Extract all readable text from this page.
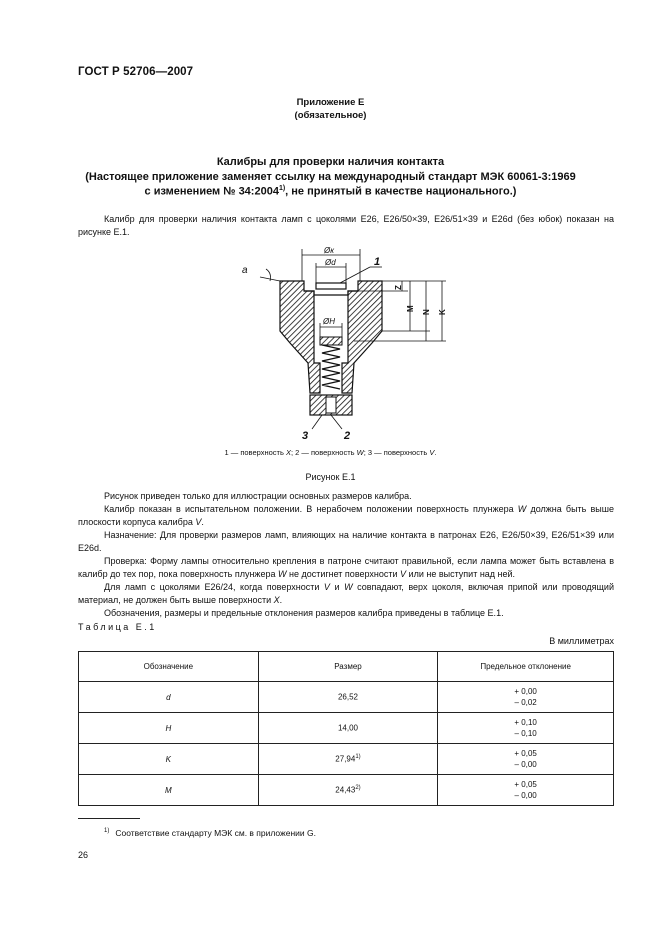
ГОСТ Р 52706—2007
Приложение Е
(обязательное)
Калибры для проверки наличия контакта
(Настоящее приложение заменяет ссылку на международный стандарт МЭК 60061-3:1969
с изменением № 34:2004$^{1)}$, не принятый в качестве национального.)
Калибр для проверки наличия контакта ламп с цоколями E26, E26/50×39, E26/51×39 и E26d (без юбок) показан на рисунке Е.1.
Øк
Ød
ØH
a
Z
M
N K
1
2
3
1 — поверхность X; 2 — поверхность W; 3 — поверхность V.
Рисунок Е.1
Рисунок приведен только для иллюстрации основных размеров калибра.
Калибр показан в испытательном положении. В нерабочем положении поверхность плунжера W должна быть выше плоскости корпуса калибра V.
Назначение: Для проверки размеров ламп, влияющих на наличие контакта в патронах E26, E26/50×39, E26/51×39 или E26d.
Проверка: Форму лампы относительно крепления в патроне считают правильной, если лампа может быть вставлена в калибр до тех пор, пока поверхность плунжера W не достигнет поверхности V или не выступит над ней.
Для ламп с цоколями E26/24, когда поверхности V и W совпадают, верх цоколя, включая припой или проводящий материал, не должен быть выше поверхности X.
Обозначения, размеры и предельные отклонения размеров калибра приведены в таблице Е.1.
Таблица Е.1
В миллиметрах
Обозначение	Размер	Предельное отклонение
d	26,52	+ 0,00
– 0,02

H	14,00	+ 0,10
– 0,10

K	$27,94^{1)}$	+ 0,05
– 0,00

M	$24,43^{2)}$	+ 0,05
– 0,00
$^{1)}$ Соответствие стандарту МЭК см. в приложении G.
26
